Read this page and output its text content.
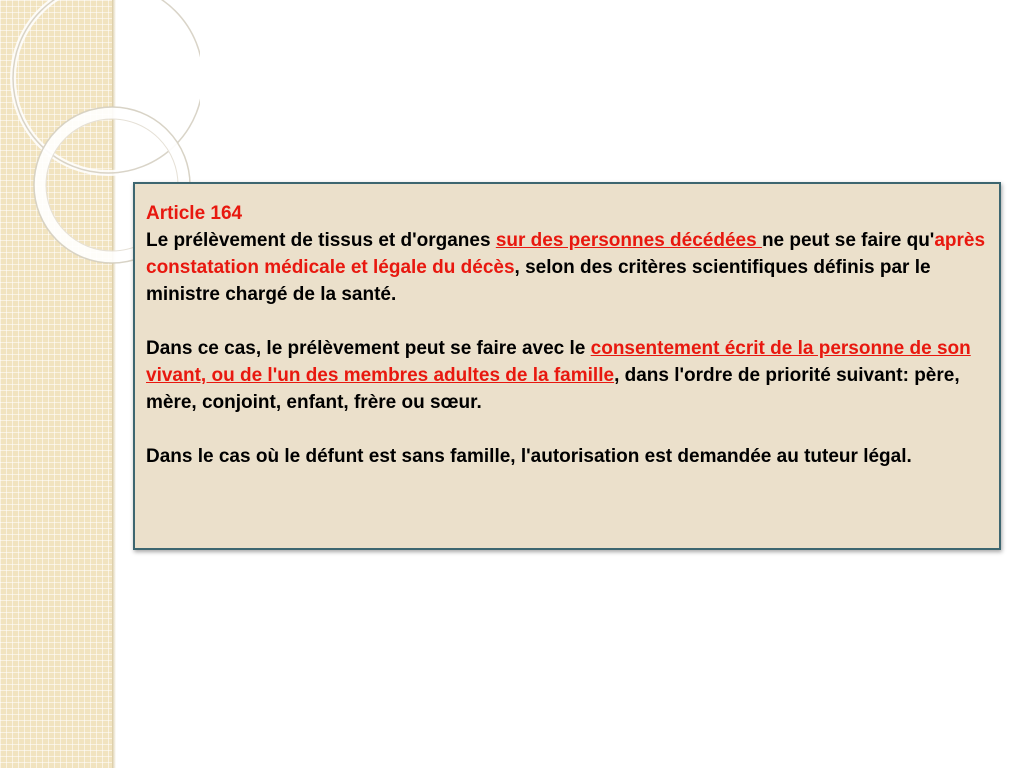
Article 164

Le prélèvement de tissus et d'organes sur des personnes décédées ne peut se faire qu'après constatation médicale et légale du décès, selon des critères scientifiques définis par le ministre chargé de la santé.

Dans ce cas, le prélèvement peut se faire avec le consentement écrit de la personne de son vivant, ou de l'un des membres adultes de la famille, dans l'ordre de priorité suivant: père, mère, conjoint, enfant, frère ou sœur.

Dans le cas où le défunt est sans famille, l'autorisation est demandée au tuteur légal.
